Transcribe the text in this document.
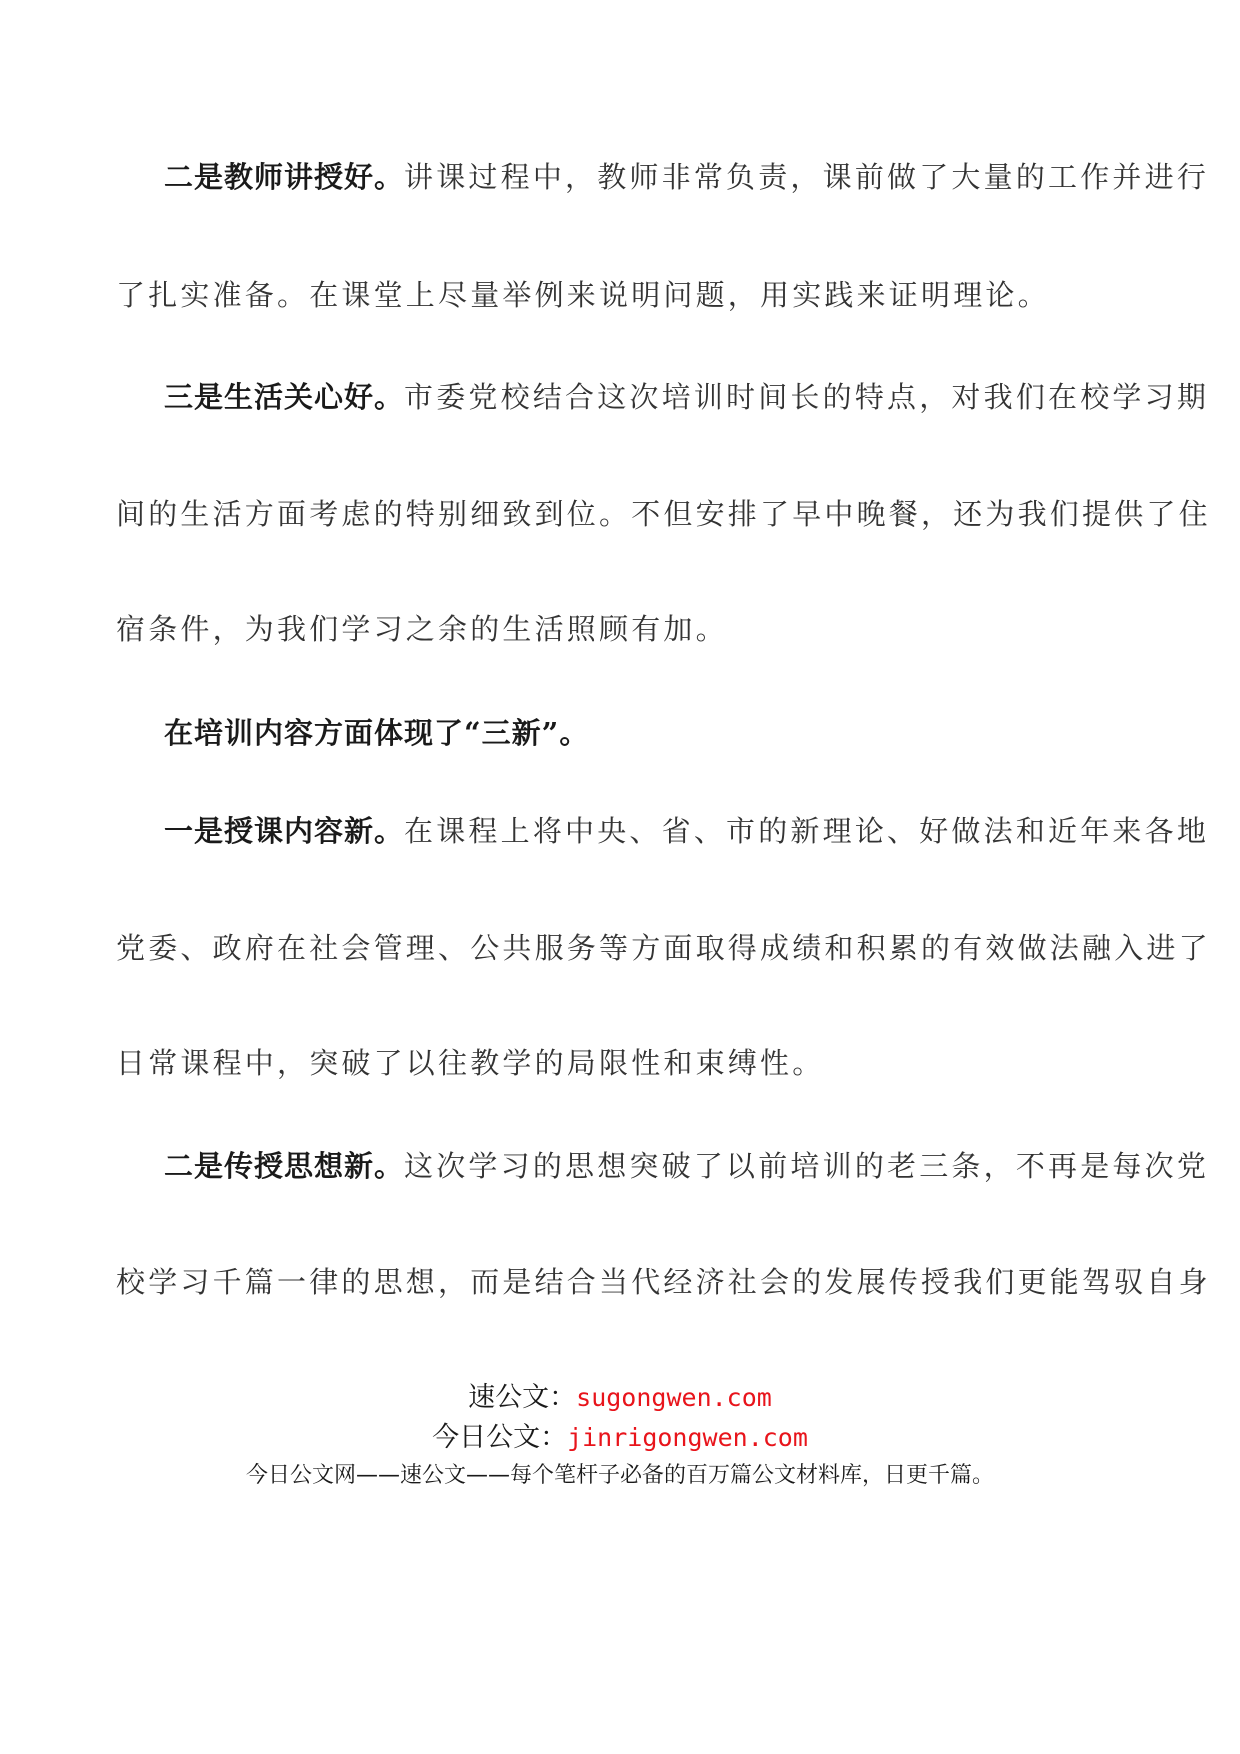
二是教师讲授好。讲课过程中，教师非常负责，课前做了大量的工作并进行
了扎实准备。在课堂上尽量举例来说明问题，用实践来证明理论。
三是生活关心好。市委党校结合这次培训时间长的特点，对我们在校学习期
间的生活方面考虑的特别细致到位。不但安排了早中晚餐，还为我们提供了住
宿条件，为我们学习之余的生活照顾有加。
在培训内容方面体现了“三新”。
一是授课内容新。在课程上将中央、省、市的新理论、好做法和近年来各地
党委、政府在社会管理、公共服务等方面取得成绩和积累的有效做法融入进了
日常课程中，突破了以往教学的局限性和束缚性。
二是传授思想新。这次学习的思想突破了以前培训的老三条，不再是每次党
校学习千篇一律的思想，而是结合当代经济社会的发展传授我们更能驾驭自身
速公文：sugongwen.com
今日公文：jinrigongwen.com
今日公文网——速公文——每个笔杆子必备的百万篇公文材料库，日更千篇。
